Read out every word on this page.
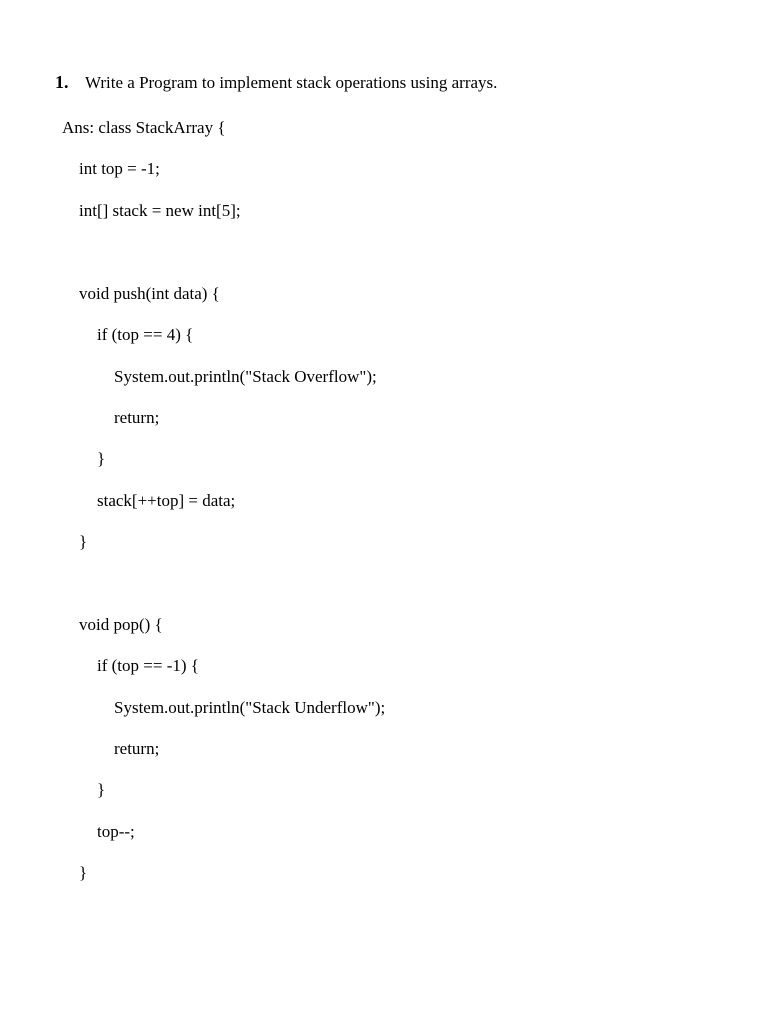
1. Write a Program to implement stack operations using arrays.
Ans: class StackArray {
int top = -1;
int[] stack = new int[5];
void push(int data) {
if (top == 4) {
System.out.println("Stack Overflow");
return;
}
stack[++top] = data;
}
void pop() {
if (top == -1) {
System.out.println("Stack Underflow");
return;
}
top--;
}
